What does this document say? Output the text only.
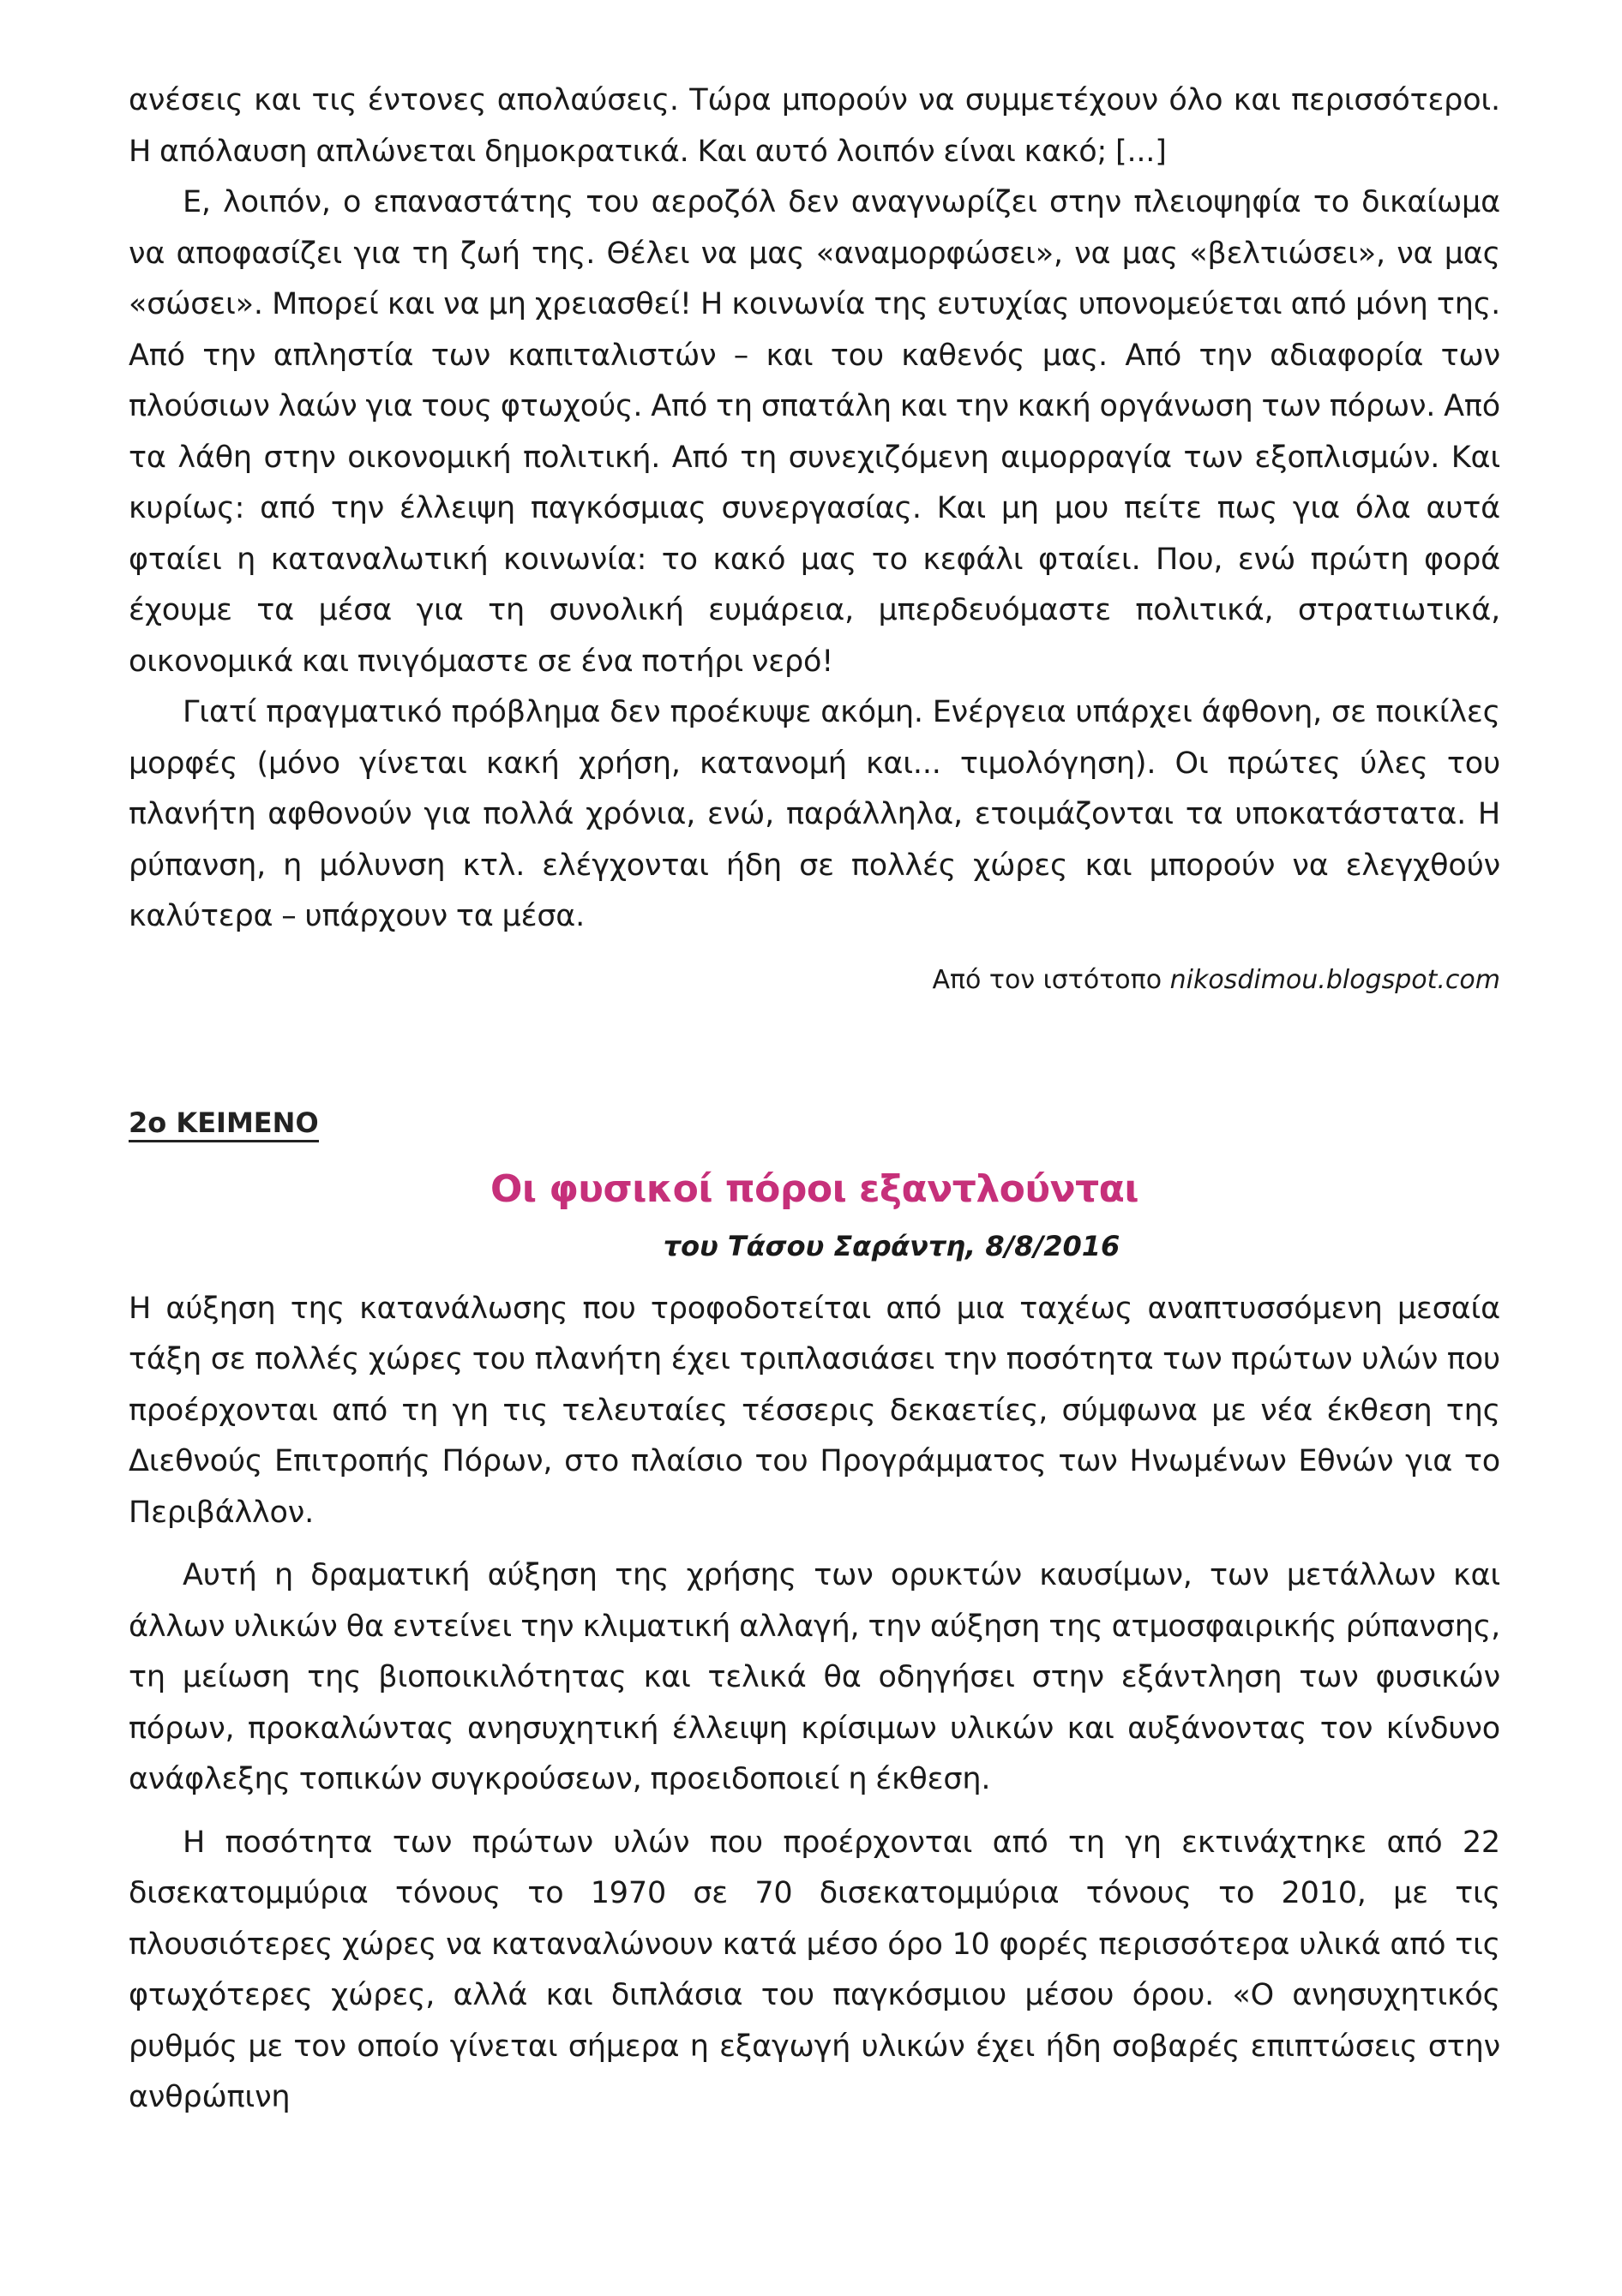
ανέσεις και τις έντονες απολαύσεις. Τώρα μπορούν να συμμετέχουν όλο και περισσότεροι. Η απόλαυση απλώνεται δημοκρατικά. Και αυτό λοιπόν είναι κακό; [...]

Ε, λοιπόν, ο επαναστάτης του αεροζόλ δεν αναγνωρίζει στην πλειοψηφία το δικαίωμα να αποφασίζει για τη ζωή της. Θέλει να μας «αναμορφώσει», να μας «βελτιώσει», να μας «σώσει». Μπορεί και να μη χρειασθεί! Η κοινωνία της ευτυχίας υπονομεύεται από μόνη της. Από την απληστία των καπιταλιστών – και του καθενός μας. Από την αδιαφορία των πλούσιων λαών για τους φτωχούς. Από τη σπατάλη και την κακή οργάνωση των πόρων. Από τα λάθη στην οικονομική πολιτική. Από τη συνεχιζόμενη αιμορραγία των εξοπλισμών. Και κυρίως: από την έλλειψη παγκόσμιας συνεργασίας. Και μη μου πείτε πως για όλα αυτά φταίει η καταναλωτική κοινωνία: το κακό μας το κεφάλι φταίει. Που, ενώ πρώτη φορά έχουμε τα μέσα για τη συνολική ευμάρεια, μπερδευόμαστε πολιτικά, στρατιωτικά, οικονομικά και πνιγόμαστε σε ένα ποτήρι νερό!

Γιατί πραγματικό πρόβλημα δεν προέκυψε ακόμη. Ενέργεια υπάρχει άφθονη, σε ποικίλες μορφές (μόνο γίνεται κακή χρήση, κατανομή και... τιμολόγηση). Οι πρώτες ύλες του πλανήτη αφθονούν για πολλά χρόνια, ενώ, παράλληλα, ετοιμάζονται τα υποκατάστατα. Η ρύπανση, η μόλυνση κτλ. ελέγχονται ήδη σε πολλές χώρες και μπορούν να ελεγχθούν καλύτερα – υπάρχουν τα μέσα.

Από τον ιστότοπο nikosdimou.blogspot.com
2ο ΚΕΙΜΕΝΟ
Οι φυσικοί πόροι εξαντλούνται
του Τάσου Σαράντη, 8/8/2016

Η αύξηση της κατανάλωσης που τροφοδοτείται από μια ταχέως αναπτυσσόμενη μεσαία τάξη σε πολλές χώρες του πλανήτη έχει τριπλασιάσει την ποσότητα των πρώτων υλών που προέρχονται από τη γη τις τελευταίες τέσσερις δεκαετίες, σύμφωνα με νέα έκθεση της Διεθνούς Επιτροπής Πόρων, στο πλαίσιο του Προγράμματος των Ηνωμένων Εθνών για το Περιβάλλον.

Αυτή η δραματική αύξηση της χρήσης των ορυκτών καυσίμων, των μετάλλων και άλλων υλικών θα εντείνει την κλιματική αλλαγή, την αύξηση της ατμοσφαιρικής ρύπανσης, τη μείωση της βιοποικιλότητας και τελικά θα οδηγήσει στην εξάντληση των φυσικών πόρων, προκαλώντας ανησυχητική έλλειψη κρίσιμων υλικών και αυξάνοντας τον κίνδυνο ανάφλεξης τοπικών συγκρούσεων, προειδοποιεί η έκθεση.

Η ποσότητα των πρώτων υλών που προέρχονται από τη γη εκτινάχτηκε από 22 δισεκατομμύρια τόνους το 1970 σε 70 δισεκατομμύρια τόνους το 2010, με τις πλουσιότερες χώρες να καταναλώνουν κατά μέσο όρο 10 φορές περισσότερα υλικά από τις φτωχότερες χώρες, αλλά και διπλάσια του παγκόσμιου μέσου όρου. «Ο ανησυχητικός ρυθμός με τον οποίο γίνεται σήμερα η εξαγωγή υλικών έχει ήδη σοβαρές επιπτώσεις στην ανθρώπινη
